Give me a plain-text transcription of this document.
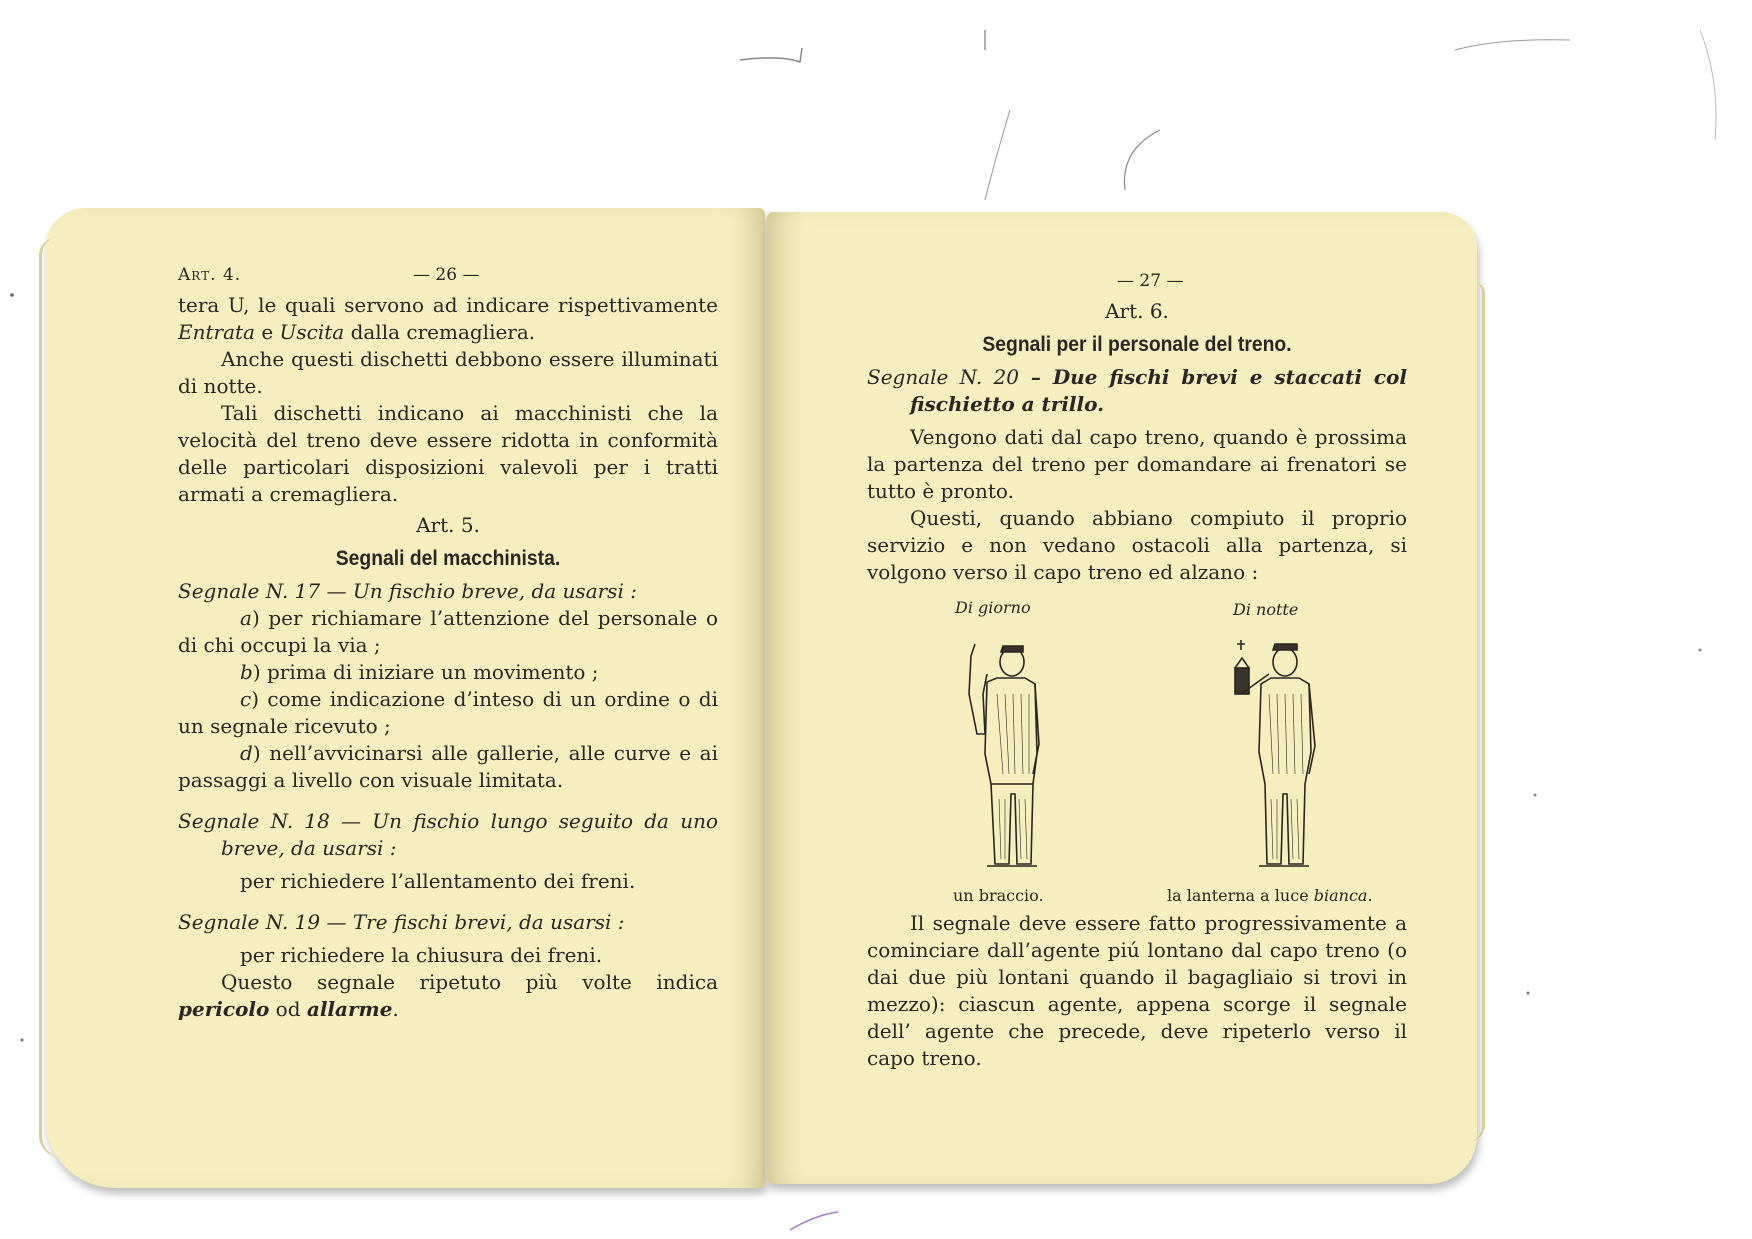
Art. 4.	— 26 —

tera U, le quali servono ad indicare rispettivamente Entrata e Uscita dalla cremagliera.

Anche questi dischetti debbono essere illuminati di notte.

Tali dischetti indicano ai macchinisti che la velocità del treno deve essere ridotta in conformità delle particolari disposizioni valevoli per i tratti armati a cremagliera.

Art. 5.
Segnali del macchinista.

Segnale N. 17 — Un fischio breve, da usarsi :

a) per richiamare l’attenzione del personale o di chi occupi la via ;

b) prima di iniziare un movimento ;

c) come indicazione d’inteso di un ordine o di un segnale ricevuto ;

d) nell’avvicinarsi alle gallerie, alle curve e ai passaggi a livello con visuale limitata.

Segnale N. 18 — Un fischio lungo seguito da uno breve, da usarsi :

per richiedere l’allentamento dei freni.

Segnale N. 19 — Tre fischi brevi, da usarsi :

per richiedere la chiusura dei freni.

Questo segnale ripetuto più volte indica pericolo od allarme.

— 27 —
Art. 6.
Segnali per il personale del treno.

Segnale N. 20 – Due fischi brevi e staccati col fischietto a trillo.

Vengono dati dal capo treno, quando è prossima la partenza del treno per domandare ai frenatori se tutto è pronto.

Questi, quando abbiano compiuto il proprio servizio e non vedano ostacoli alla partenza, si volgono verso il capo treno ed alzano :

Di giorno	Di notte
un braccio.	la lanterna a luce bianca.

Il segnale deve essere fatto progressivamente a cominciare dall’agente piú lontano dal capo treno (o dai due più lontani quando il bagagliaio si trovi in mezzo): ciascun agente, appena scorge il segnale dell’ agente che precede, deve ripeterlo verso il capo treno.
